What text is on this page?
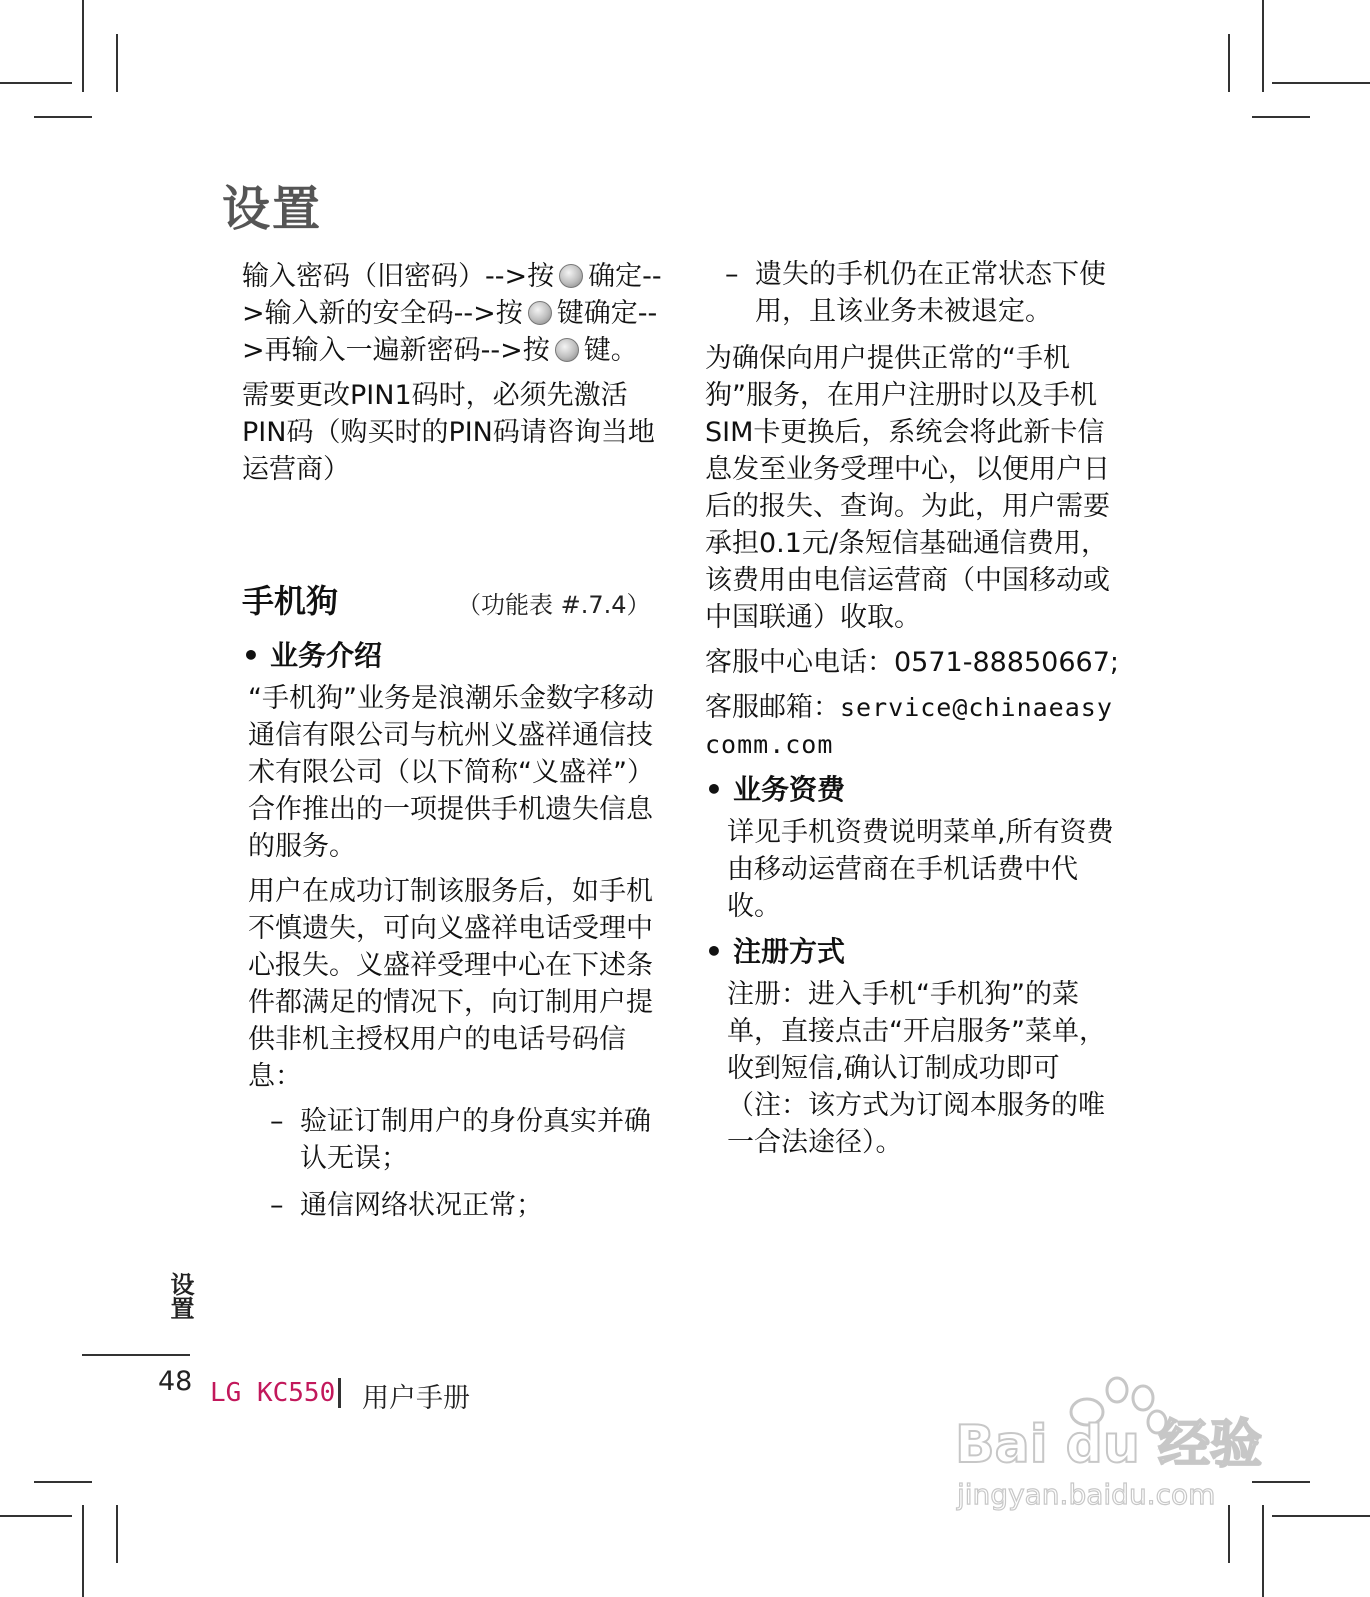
设置

输入密码（旧密码）-->按 确定-->输入新的安全码-->按 键确定-->再输入一遍新密码-->按 键。

需要更改PIN1码时，必须先激活PIN码（购买时的PIN码请咨询当地运营商）

手机狗	（功能表 #.7.4）
• 业务介绍

“手机狗”业务是浪潮乐金数字移动通信有限公司与杭州义盛祥通信技术有限公司（以下简称“义盛祥”）合作推出的一项提供手机遗失信息的服务。

用户在成功订制该服务后，如手机不慎遗失，可向义盛祥电话受理中心报失。义盛祥受理中心在下述条件都满足的情况下，向订制用户提供非机主授权用户的电话号码信息：

– 验证订制用户的身份真实并确认无误；
– 通信网络状况正常；
– 遗失的手机仍在正常状态下使用，且该业务未被退定。

为确保向用户提供正常的“手机狗”服务，在用户注册时以及手机SIM卡更换后，系统会将此新卡信息发至业务受理中心，以便用户日后的报失、查询。为此，用户需要承担0.1元/条短信基础通信费用，该费用由电信运营商（中国移动或中国联通）收取。

客服中心电话：0571-88850667;

客服邮箱：service@chinaeasycomm.com

• 业务资费

详见手机资费说明菜单,所有资费由移动运营商在手机话费中代收。

• 注册方式

注册：进入手机“手机狗”的菜单，直接点击“开启服务”菜单，收到短信,确认订制成功即可（注：该方式为订阅本服务的唯一合法途径）。

设置
48 LG KC550 用户手册
Bai du 经验
jingyan.baidu.com
